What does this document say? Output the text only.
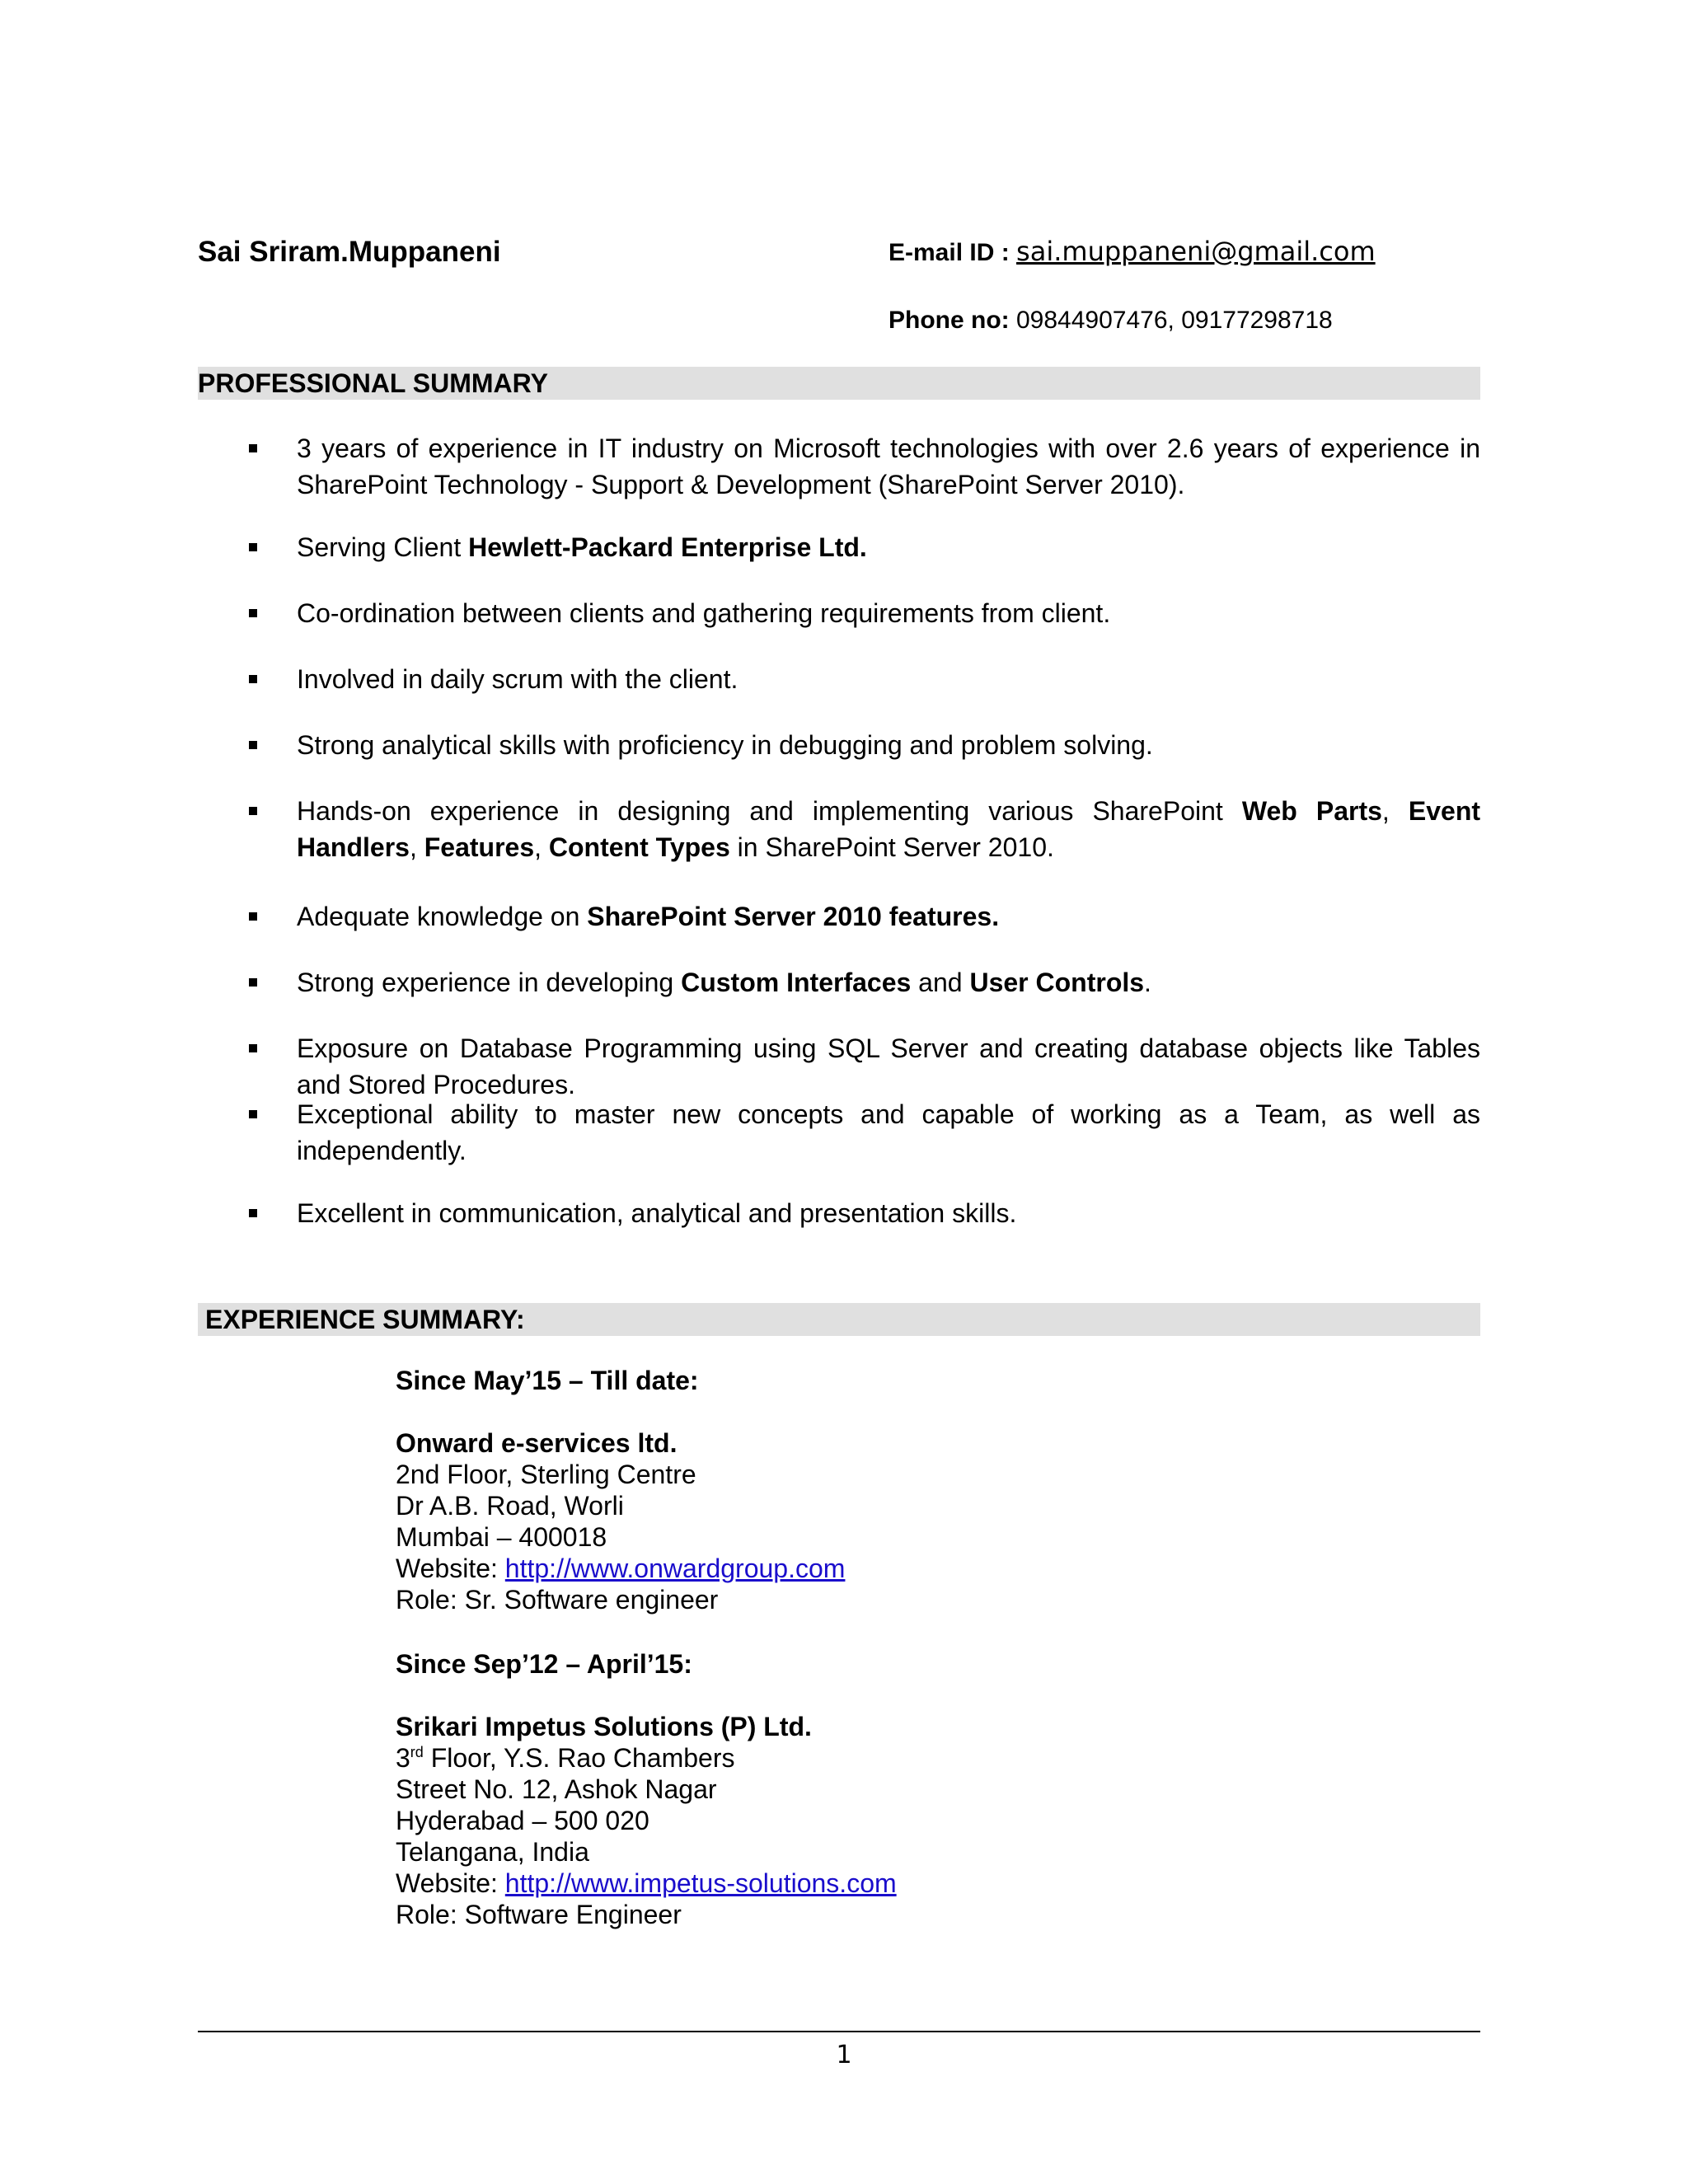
Sai Sriram.Muppaneni	E-mail ID : sai.muppaneni@gmail.com
Phone no: 09844907476, 09177298718
PROFESSIONAL SUMMARY
3 years of experience in IT industry on Microsoft technologies with over 2.6 years of experience in SharePoint Technology - Support & Development (SharePoint Server 2010).
Serving Client Hewlett-Packard Enterprise Ltd.
Co-ordination between clients and gathering requirements from client.
Involved in daily scrum with the client.
Strong analytical skills with proficiency in debugging and problem solving.
Hands-on experience in designing and implementing various SharePoint Web Parts, Event Handlers, Features, Content Types in SharePoint Server 2010.
Adequate knowledge on SharePoint Server 2010 features.
Strong experience in developing Custom Interfaces and User Controls.
Exposure on Database Programming using SQL Server and creating database objects like Tables and Stored Procedures.
Exceptional ability to master new concepts and capable of working as a Team, as well as independently.
Excellent in communication, analytical and presentation skills.
EXPERIENCE SUMMARY:
Since May’15 – Till date:
Onward e-services ltd.
2nd Floor, Sterling Centre
Dr A.B. Road, Worli
Mumbai – 400018
Website: http://www.onwardgroup.com
Role: Sr. Software engineer
Since Sep’12 – April’15:
Srikari Impetus Solutions (P) Ltd.
3rd Floor, Y.S. Rao Chambers
Street No. 12, Ashok Nagar
Hyderabad – 500 020
Telangana, India
Website: http://www.impetus-solutions.com
Role: Software Engineer
1
